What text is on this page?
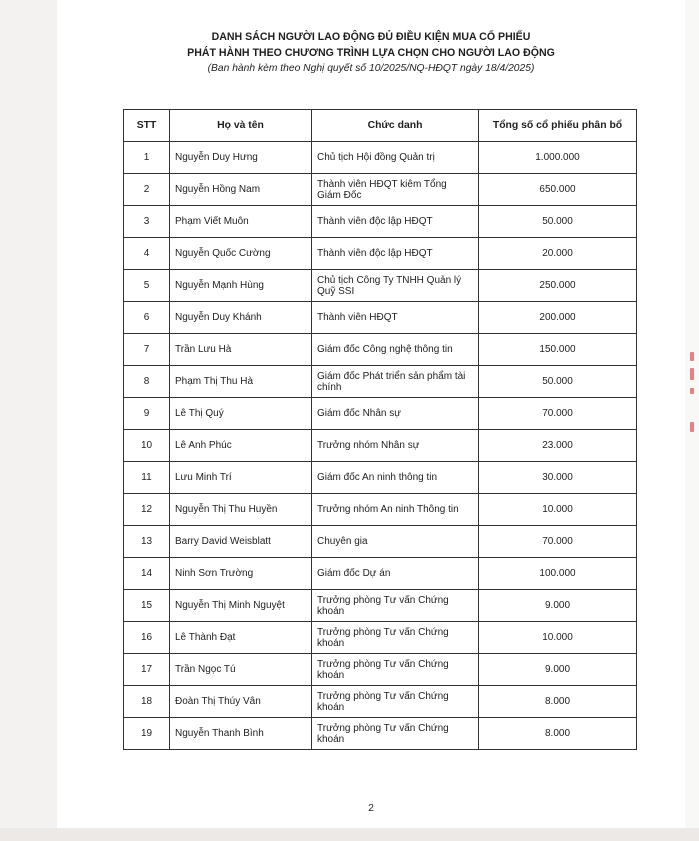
DANH SÁCH NGƯỜI LAO ĐỘNG ĐỦ ĐIỀU KIỆN MUA CỔ PHIẾU
PHÁT HÀNH THEO CHƯƠNG TRÌNH LỰA CHỌN CHO NGƯỜI LAO ĐỘNG
(Ban hành kèm theo Nghị quyết số 10/2025/NQ-HĐQT ngày 18/4/2025)
STT	Họ và tên	Chức danh	Tổng số cổ phiếu phân bổ
1	Nguyễn Duy Hưng	Chủ tịch Hội đồng Quản trị	1.000.000
2	Nguyễn Hồng Nam	Thành viên HĐQT kiêm Tổng Giám Đốc	650.000
3	Phạm Viết Muôn	Thành viên độc lập HĐQT	50.000
4	Nguyễn Quốc Cường	Thành viên độc lập HĐQT	20.000
5	Nguyễn Mạnh Hùng	Chủ tịch Công Ty TNHH Quản lý Quỹ SSI	250.000
6	Nguyễn Duy Khánh	Thành viên HĐQT	200.000
7	Trần Lưu Hà	Giám đốc Công nghệ thông tin	150.000
8	Phạm Thị Thu Hà	Giám đốc Phát triển sản phẩm tài chính	50.000
9	Lê Thị Quý	Giám đốc Nhân sự	70.000
10	Lê Anh Phúc	Trưởng nhóm Nhân sự	23.000
11	Lưu Minh Trí	Giám đốc An ninh thông tin	30.000
12	Nguyễn Thị Thu Huyền	Trưởng nhóm An ninh Thông tin	10.000
13	Barry David Weisblatt	Chuyên gia	70.000
14	Ninh Sơn Trường	Giám đốc Dự án	100.000
15	Nguyễn Thị Minh Nguyệt	Trưởng phòng Tư vấn Chứng khoán	9.000
16	Lê Thành Đạt	Trưởng phòng Tư vấn Chứng khoán	10.000
17	Trần Ngọc Tú	Trưởng phòng Tư vấn Chứng khoán	9.000
18	Đoàn Thị Thúy Vân	Trưởng phòng Tư vấn Chứng khoán	8.000
19	Nguyễn Thanh Bình	Trưởng phòng Tư vấn Chứng khoán	8.000
2
